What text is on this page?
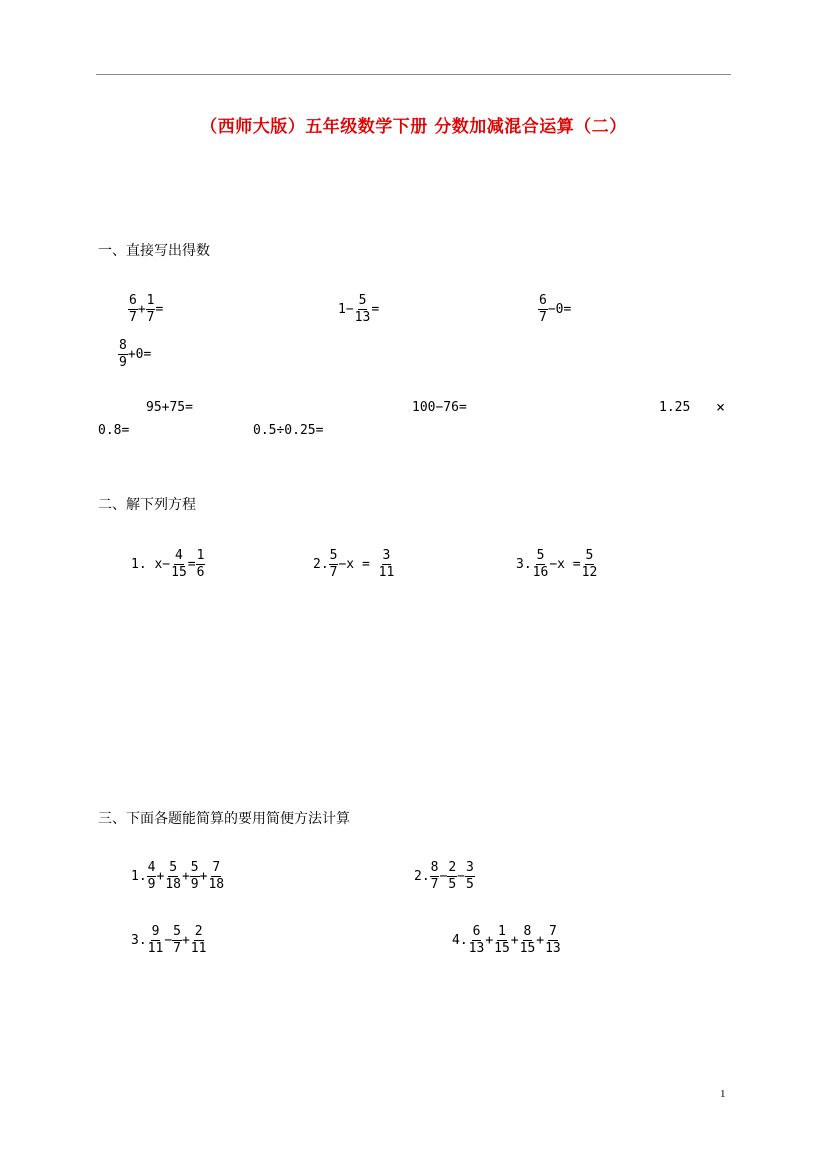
（西师大版）五年级数学下册 分数加减混合运算（二）
一、直接写出得数
$\frac{6}{7} + \frac{1}{7}$ =	$1- \frac{5}{13}$ =	$\frac{6}{7} -0=$
$\frac{8}{9} +0=$
95+75=	100−76=	1.25 ×
0.8=	0.5÷0.25=
二、解下列方程
1. $x- \frac{4}{15} = \frac{1}{6}$	2. $\frac{5}{7} -x = \frac{3}{11}$	3. $\frac{5}{16} -x = \frac{5}{12}$
三、下面各题能简算的要用简便方法计算
1. $\frac{4}{9} + \frac{5}{18} + \frac{5}{9} + \frac{7}{18}$	2. $\frac{8}{7} - \frac{2}{5} - \frac{3}{5}$
3. $\frac{9}{11} - \frac{5}{7} + \frac{2}{11}$	4. $\frac{6}{13} + \frac{1}{15} + \frac{8}{15} + \frac{7}{13}$
1
